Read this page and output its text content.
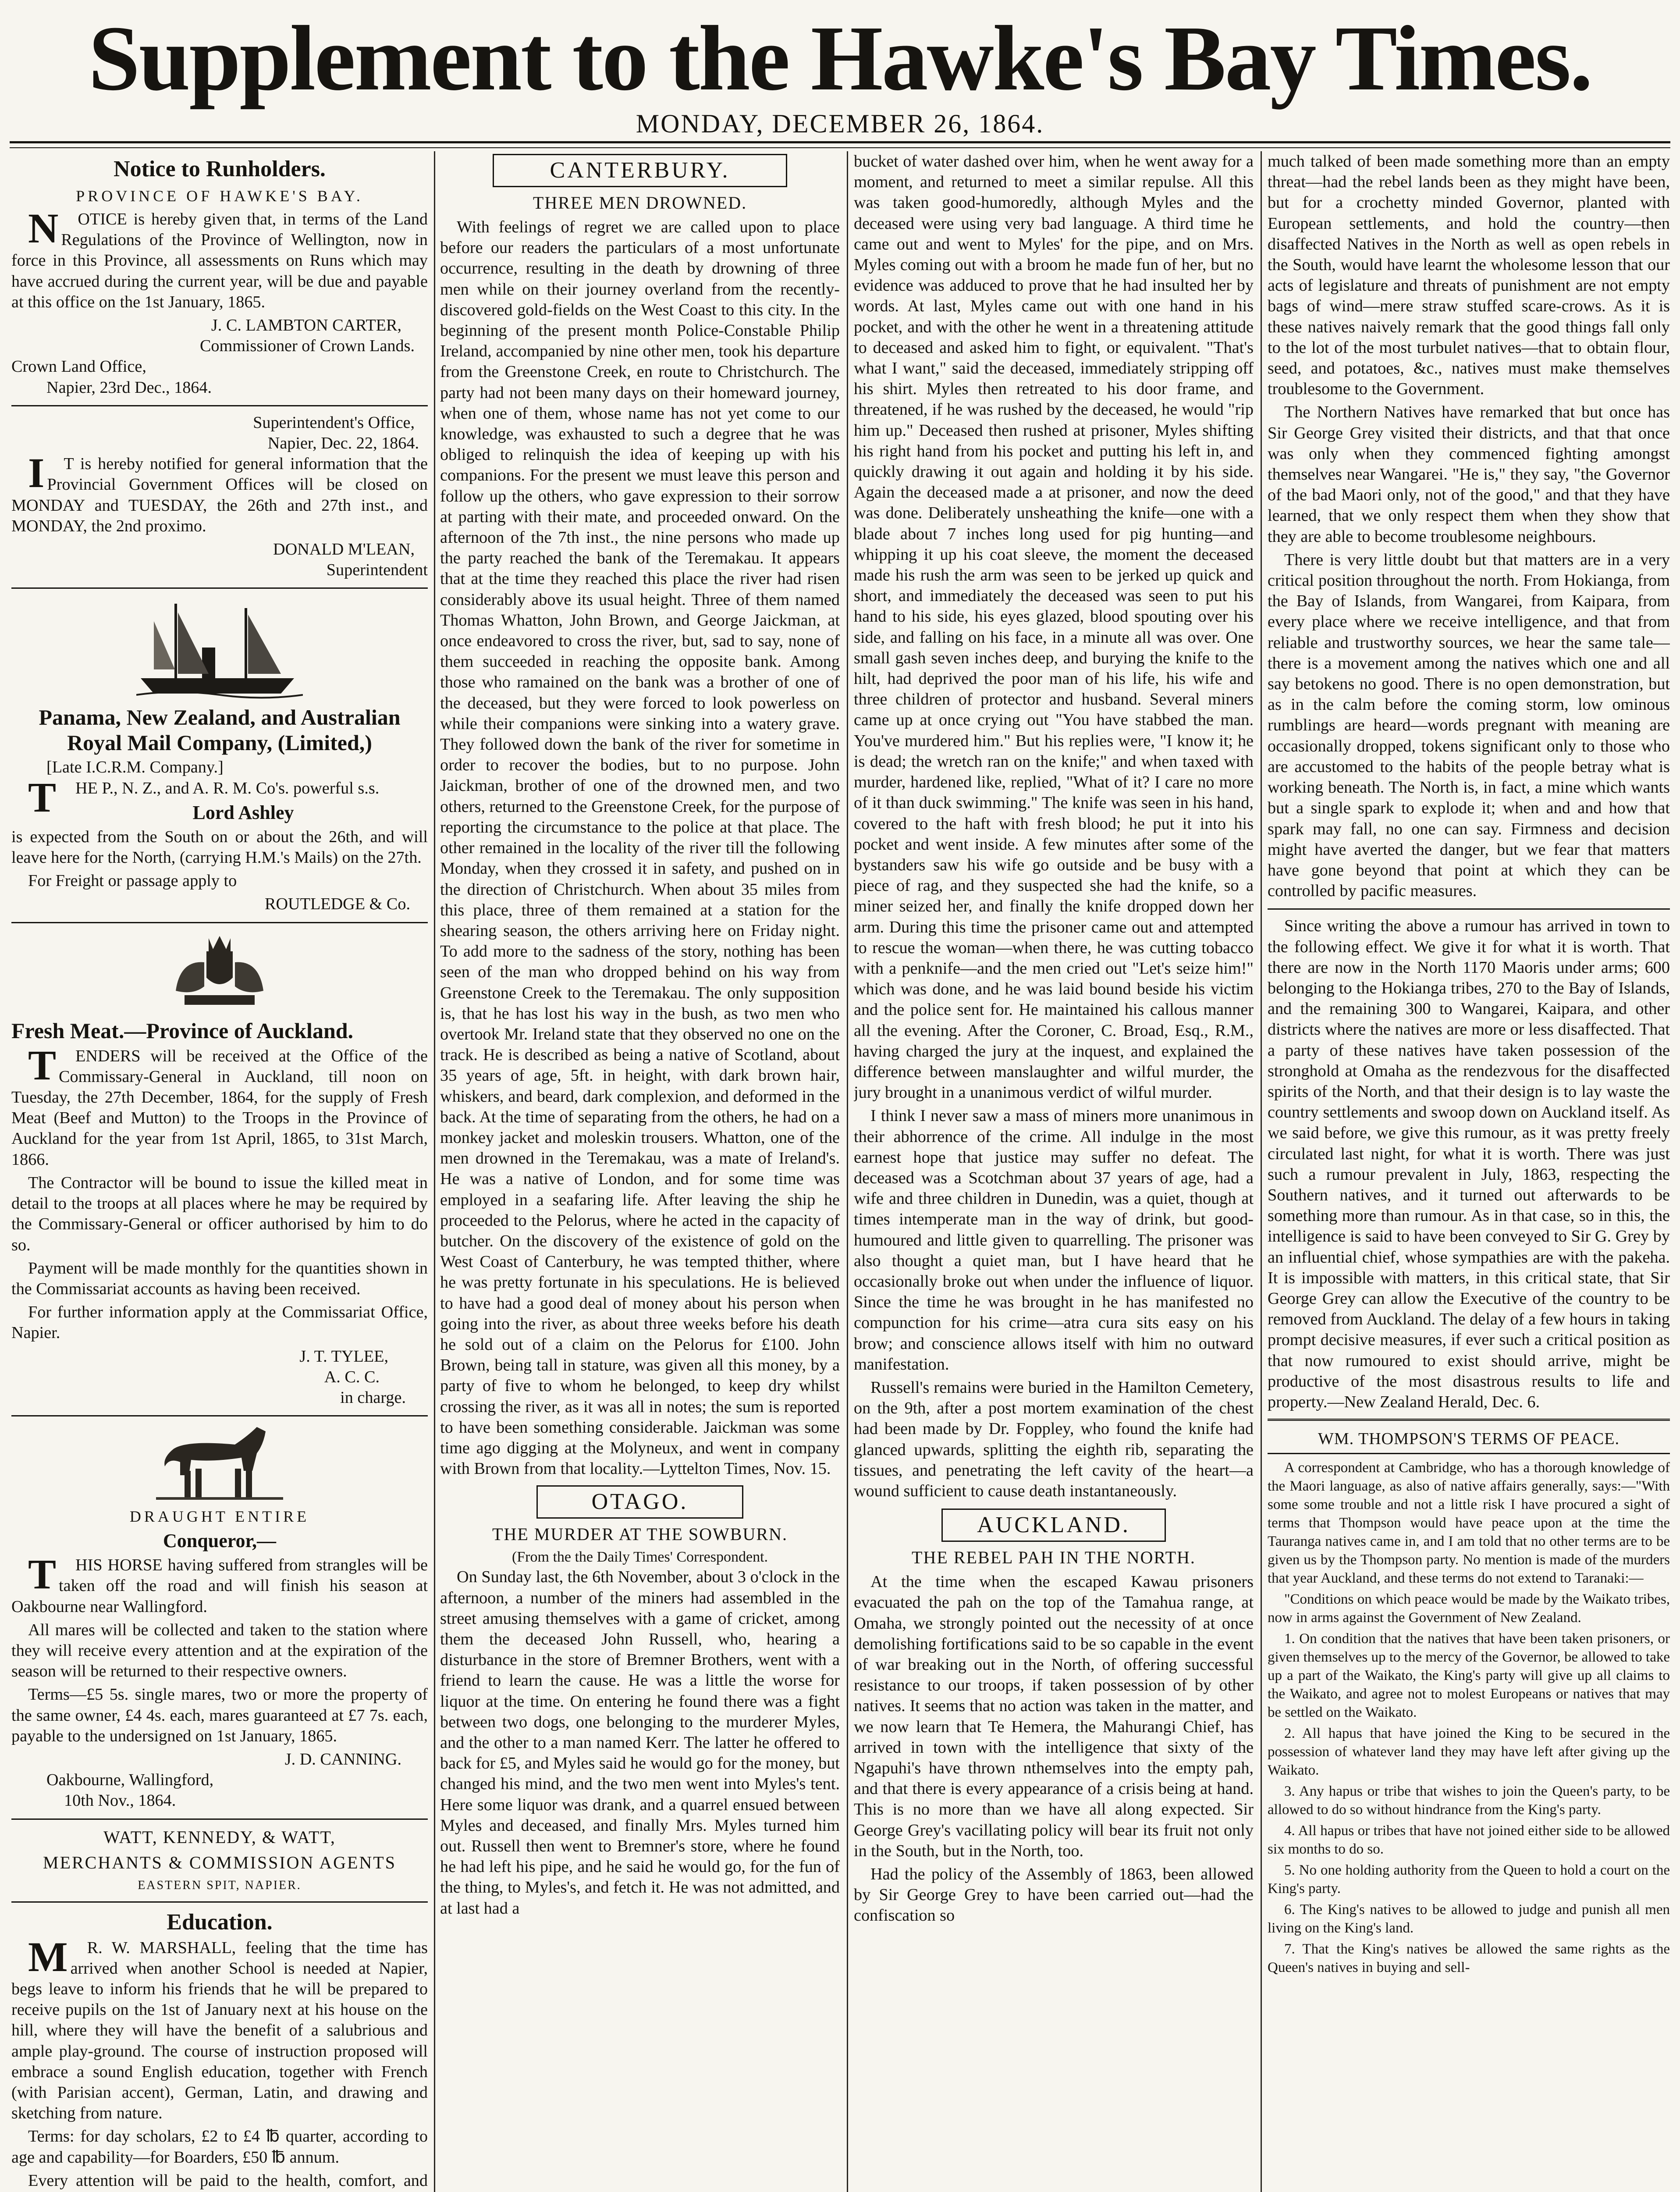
Supplement to the Hawke's Bay Times.
MONDAY, DECEMBER 26, 1864.
Notice to Runholders.
PROVINCE OF HAWKE'S BAY.

NOTICE is hereby given that, in terms of the Land Regulations of the Province of Wellington, now in force in this Province, all assessments on Runs which may have accrued during the current year, will be due and payable at this office on the 1st January, 1865.

J. C. LAMBTON CARTER,
Commissioner of Crown Lands.
Crown Land Office,
Napier, 23rd Dec., 1864.
Superintendent's Office,
Napier, Dec. 22, 1864.

IT is hereby notified for general information that the Provincial Government Offices will be closed on MONDAY and TUESDAY, the 26th and 27th inst., and MONDAY, the 2nd proximo.

DONALD M'LEAN,
Superintendent
Panama, New Zealand, and Australian Royal Mail Company, (Limited,)
[Late I.C.R.M. Company.]

THE P., N. Z., and A. R. M. Co's. powerful s.s.

Lord Ashley

is expected from the South on or about the 26th, and will leave here for the North, (carrying H.M.'s Mails) on the 27th.

For Freight or passage apply to

ROUTLEDGE & Co.
Fresh Meat.—Province of Auckland.

TENDERS will be received at the Office of the Commissary-General in Auckland, till noon on Tuesday, the 27th December, 1864, for the supply of Fresh Meat (Beef and Mutton) to the Troops in the Province of Auckland for the year from 1st April, 1865, to 31st March, 1866.

The Contractor will be bound to issue the killed meat in detail to the troops at all places where he may be required by the Commissary-General or officer authorised by him to do so.

Payment will be made monthly for the quantities shown in the Commissariat accounts as having been received.

For further information apply at the Commissariat Office, Napier.

J. T. TYLEE,
A. C. C.
in charge.
DRAUGHT ENTIRE
Conqueror,—

THIS HORSE having suffered from strangles will be taken off the road and will finish his season at Oakbourne near Wallingford.

All mares will be collected and taken to the station where they will receive every attention and at the expiration of the season will be returned to their respective owners.

Terms—£5 5s. single mares, two or more the property of the same owner, £4 4s. each, mares guaranteed at £7 7s. each, payable to the undersigned on 1st January, 1865.

J. D. CANNING.
Oakbourne, Wallingford,
10th Nov., 1864.
WATT, KENNEDY, & WATT,
MERCHANTS & COMMISSION AGENTS
EASTERN SPIT, NAPIER.
Education.

MR. W. MARSHALL, feeling that the time has arrived when another School is needed at Napier, begs leave to inform his friends that he will be prepared to receive pupils on the 1st of January next at his house on the hill, where they will have the benefit of a salubrious and ample play-ground. The course of instruction proposed will embrace a sound English education, together with French (with Parisian accent), German, Latin, and drawing and sketching from nature.

Terms: for day scholars, £2 to £4 ℔ quarter, according to age and capability—for Boarders, £50 ℔ annum.

Every attention will be paid to the health, comfort, and

CANTERBURY.
THREE MEN DROWNED.

With feelings of regret we are called upon to place before our readers the particulars of a most unfortunate occurrence, resulting in the death by drowning of three men while on their journey overland from the recently-discovered gold-fields on the West Coast to this city. In the beginning of the present month Police-Constable Philip Ireland, accompanied by nine other men, took his departure from the Greenstone Creek, en route to Christchurch. The party had not been many days on their homeward journey, when one of them, whose name has not yet come to our knowledge, was exhausted to such a degree that he was obliged to relinquish the idea of keeping up with his companions. For the present we must leave this person and follow up the others, who gave expression to their sorrow at parting with their mate, and proceeded onward. On the afternoon of the 7th inst., the nine persons who made up the party reached the bank of the Teremakau. It appears that at the time they reached this place the river had risen considerably above its usual height. Three of them named Thomas Whatton, John Brown, and George Jaickman, at once endeavored to cross the river, but, sad to say, none of them succeeded in reaching the opposite bank. Among those who ramained on the bank was a brother of one of the deceased, but they were forced to look powerless on while their companions were sinking into a watery grave. They followed down the bank of the river for sometime in order to recover the bodies, but to no purpose. John Jaickman, brother of one of the drowned men, and two others, returned to the Greenstone Creek, for the purpose of reporting the circumstance to the police at that place. The other remained in the locality of the river till the following Monday, when they crossed it in safety, and pushed on in the direction of Christchurch. When about 35 miles from this place, three of them remained at a station for the shearing season, the others arriving here on Friday night. To add more to the sadness of the story, nothing has been seen of the man who dropped behind on his way from Greenstone Creek to the Teremakau. The only supposition is, that he has lost his way in the bush, as two men who overtook Mr. Ireland state that they observed no one on the track. He is described as being a native of Scotland, about 35 years of age, 5ft. in height, with dark brown hair, whiskers, and beard, dark complexion, and deformed in the back. At the time of separating from the others, he had on a monkey jacket and moleskin trousers. Whatton, one of the men drowned in the Teremakau, was a mate of Ireland's. He was a native of London, and for some time was employed in a seafaring life. After leaving the ship he proceeded to the Pelorus, where he acted in the capacity of butcher. On the discovery of the existence of gold on the West Coast of Canterbury, he was tempted thither, where he was pretty fortunate in his speculations. He is believed to have had a good deal of money about his person when going into the river, as about three weeks before his death he sold out of a claim on the Pelorus for £100. John Brown, being tall in stature, was given all this money, by a party of five to whom he belonged, to keep dry whilst crossing the river, as it was all in notes; the sum is reported to have been something considerable. Jaickman was some time ago digging at the Molyneux, and went in company with Brown from that locality.—Lyttelton Times, Nov. 15.

OTAGO.
THE MURDER AT THE SOWBURN.
(From the the Daily Times' Correspondent.

On Sunday last, the 6th November, about 3 o'clock in the afternoon, a number of the miners had assembled in the street amusing themselves with a game of cricket, among them the deceased John Russell, who, hearing a disturbance in the store of Bremner Brothers, went with a friend to learn the cause. He was a little the worse for liquor at the time. On entering he found there was a fight between two dogs, one belonging to the murderer Myles, and the other to a man named Kerr. The latter he offered to back for £5, and Myles said he would go for the money, but changed his mind, and the two men went into Myles's tent. Here some liquor was drank, and a quarrel ensued between Myles and deceased, and finally Mrs. Myles turned him out. Russell then went to Bremner's store, where he found he had left his pipe, and he said he would go, for the fun of the thing, to Myles's, and fetch it. He was not admitted, and at last had a

bucket of water dashed over him, when he went away for a moment, and returned to meet a similar repulse. All this was taken good-humoredly, although Myles and the deceased were using very bad language. A third time he came out and went to Myles' for the pipe, and on Mrs. Myles coming out with a broom he made fun of her, but no evidence was adduced to prove that he had insulted her by words. At last, Myles came out with one hand in his pocket, and with the other he went in a threatening attitude to deceased and asked him to fight, or equivalent. "That's what I want," said the deceased, immediately stripping off his shirt. Myles then retreated to his door frame, and threatened, if he was rushed by the deceased, he would "rip him up." Deceased then rushed at prisoner, Myles shifting his right hand from his pocket and putting his left in, and quickly drawing it out again and holding it by his side. Again the deceased made a at prisoner, and now the deed was done. Deliberately unsheathing the knife—one with a blade about 7 inches long used for pig hunting—and whipping it up his coat sleeve, the moment the deceased made his rush the arm was seen to be jerked up quick and short, and immediately the deceased was seen to put his hand to his side, his eyes glazed, blood spouting over his side, and falling on his face, in a minute all was over. One small gash seven inches deep, and burying the knife to the hilt, had deprived the poor man of his life, his wife and three children of protector and husband. Several miners came up at once crying out "You have stabbed the man. You've murdered him." But his replies were, "I know it; he is dead; the wretch ran on the knife;" and when taxed with murder, hardened like, replied, "What of it? I care no more of it than duck swimming." The knife was seen in his hand, covered to the haft with fresh blood; he put it into his pocket and went inside. A few minutes after some of the bystanders saw his wife go outside and be busy with a piece of rag, and they suspected she had the knife, so a miner seized her, and finally the knife dropped down her arm. During this time the prisoner came out and attempted to rescue the woman—when there, he was cutting tobacco with a penknife—and the men cried out "Let's seize him!" which was done, and he was laid bound beside his victim and the police sent for. He maintained his callous manner all the evening. After the Coroner, C. Broad, Esq., R.M., having charged the jury at the inquest, and explained the difference between manslaughter and wilful murder, the jury brought in a unanimous verdict of wilful murder.

I think I never saw a mass of miners more unanimous in their abhorrence of the crime. All indulge in the most earnest hope that justice may suffer no defeat. The deceased was a Scotchman about 37 years of age, had a wife and three children in Dunedin, was a quiet, though at times intemperate man in the way of drink, but good-humoured and little given to quarrelling. The prisoner was also thought a quiet man, but I have heard that he occasionally broke out when under the influence of liquor. Since the time he was brought in he has manifested no compunction for his crime—atra cura sits easy on his brow; and conscience allows itself with him no outward manifestation.

Russell's remains were buried in the Hamilton Cemetery, on the 9th, after a post mortem examination of the chest had been made by Dr. Foppley, who found the knife had glanced upwards, splitting the eighth rib, separating the tissues, and penetrating the left cavity of the heart—a wound sufficient to cause death instantaneously.

AUCKLAND.
THE REBEL PAH IN THE NORTH.

At the time when the escaped Kawau prisoners evacuated the pah on the top of the Tamahua range, at Omaha, we strongly pointed out the necessity of at once demolishing fortifications said to be so capable in the event of war breaking out in the North, of offering successful resistance to our troops, if taken possession of by other natives. It seems that no action was taken in the matter, and we now learn that Te Hemera, the Mahurangi Chief, has arrived in town with the intelligence that sixty of the Ngapuhi's have thrown nthemselves into the empty pah, and that there is every appearance of a crisis being at hand. This is no more than we have all along expected. Sir George Grey's vacillating policy will bear its fruit not only in the South, but in the North, too.

Had the policy of the Assembly of 1863, been allowed by Sir George Grey to have been carried out—had the confiscation so

much talked of been made something more than an empty threat—had the rebel lands been as they might have been, but for a crochetty minded Governor, planted with European settlements, and hold the country—then disaffected Natives in the North as well as open rebels in the South, would have learnt the wholesome lesson that our acts of legislature and threats of punishment are not empty bags of wind—mere straw stuffed scare-crows. As it is these natives naively remark that the good things fall only to the lot of the most turbulet natives—that to obtain flour, seed, and potatoes, &c., natives must make themselves troublesome to the Government.

The Northern Natives have remarked that but once has Sir George Grey visited their districts, and that that once was only when they commenced fighting amongst themselves near Wangarei. "He is," they say, "the Governor of the bad Maori only, not of the good," and that they have learned, that we only respect them when they show that they are able to become troublesome neighbours.

There is very little doubt but that matters are in a very critical position throughout the north. From Hokianga, from the Bay of Islands, from Wangarei, from Kaipara, from every place where we receive intelligence, and that from reliable and trustworthy sources, we hear the same tale—there is a movement among the natives which one and all say betokens no good. There is no open demonstration, but as in the calm before the coming storm, low ominous rumblings are heard—words pregnant with meaning are occasionally dropped, tokens significant only to those who are accustomed to the habits of the people betray what is working beneath. The North is, in fact, a mine which wants but a single spark to explode it; when and and how that spark may fall, no one can say. Firmness and decision might have averted the danger, but we fear that matters have gone beyond that point at which they can be controlled by pacific measures.

Since writing the above a rumour has arrived in town to the following effect. We give it for what it is worth. That there are now in the North 1170 Maoris under arms; 600 belonging to the Hokianga tribes, 270 to the Bay of Islands, and the remaining 300 to Wangarei, Kaipara, and other districts where the natives are more or less disaffected. That a party of these natives have taken possession of the stronghold at Omaha as the rendezvous for the disaffected spirits of the North, and that their design is to lay waste the country settlements and swoop down on Auckland itself. As we said before, we give this rumour, as it was pretty freely circulated last night, for what it is worth. There was just such a rumour prevalent in July, 1863, respecting the Southern natives, and it turned out afterwards to be something more than rumour. As in that case, so in this, the intelligence is said to have been conveyed to Sir G. Grey by an influential chief, whose sympathies are with the pakeha. It is impossible with matters, in this critical state, that Sir George Grey can allow the Executive of the country to be removed from Auckland. The delay of a few hours in taking prompt decisive measures, if ever such a critical position as that now rumoured to exist should arrive, might be productive of the most disastrous results to life and property.—New Zealand Herald, Dec. 6.

WM. THOMPSON'S TERMS OF PEACE.

A correspondent at Cambridge, who has a thorough knowledge of the Maori language, as also of native affairs generally, says:—"With some some trouble and not a little risk I have procured a sight of terms that Thompson would have peace upon at the time the Tauranga natives came in, and I am told that no other terms are to be given us by the Thompson party. No mention is made of the murders that year Auckland, and these terms do not extend to Taranaki:—

"Conditions on which peace would be made by the Waikato tribes, now in arms against the Government of New Zealand.

1. On condition that the natives that have been taken prisoners, or given themselves up to the mercy of the Governor, be allowed to take up a part of the Waikato, the King's party will give up all claims to the Waikato, and agree not to molest Europeans or natives that may be settled on the Waikato.

2. All hapus that have joined the King to be secured in the possession of whatever land they may have left after giving up the Waikato.

3. Any hapus or tribe that wishes to join the Queen's party, to be allowed to do so without hindrance from the King's party.

4. All hapus or tribes that have not joined either side to be allowed six months to do so.

5. No one holding authority from the Queen to hold a court on the King's party.

6. The King's natives to be allowed to judge and punish all men living on the King's land.

7. That the King's natives be allowed the same rights as the Queen's natives in buying and sell-
